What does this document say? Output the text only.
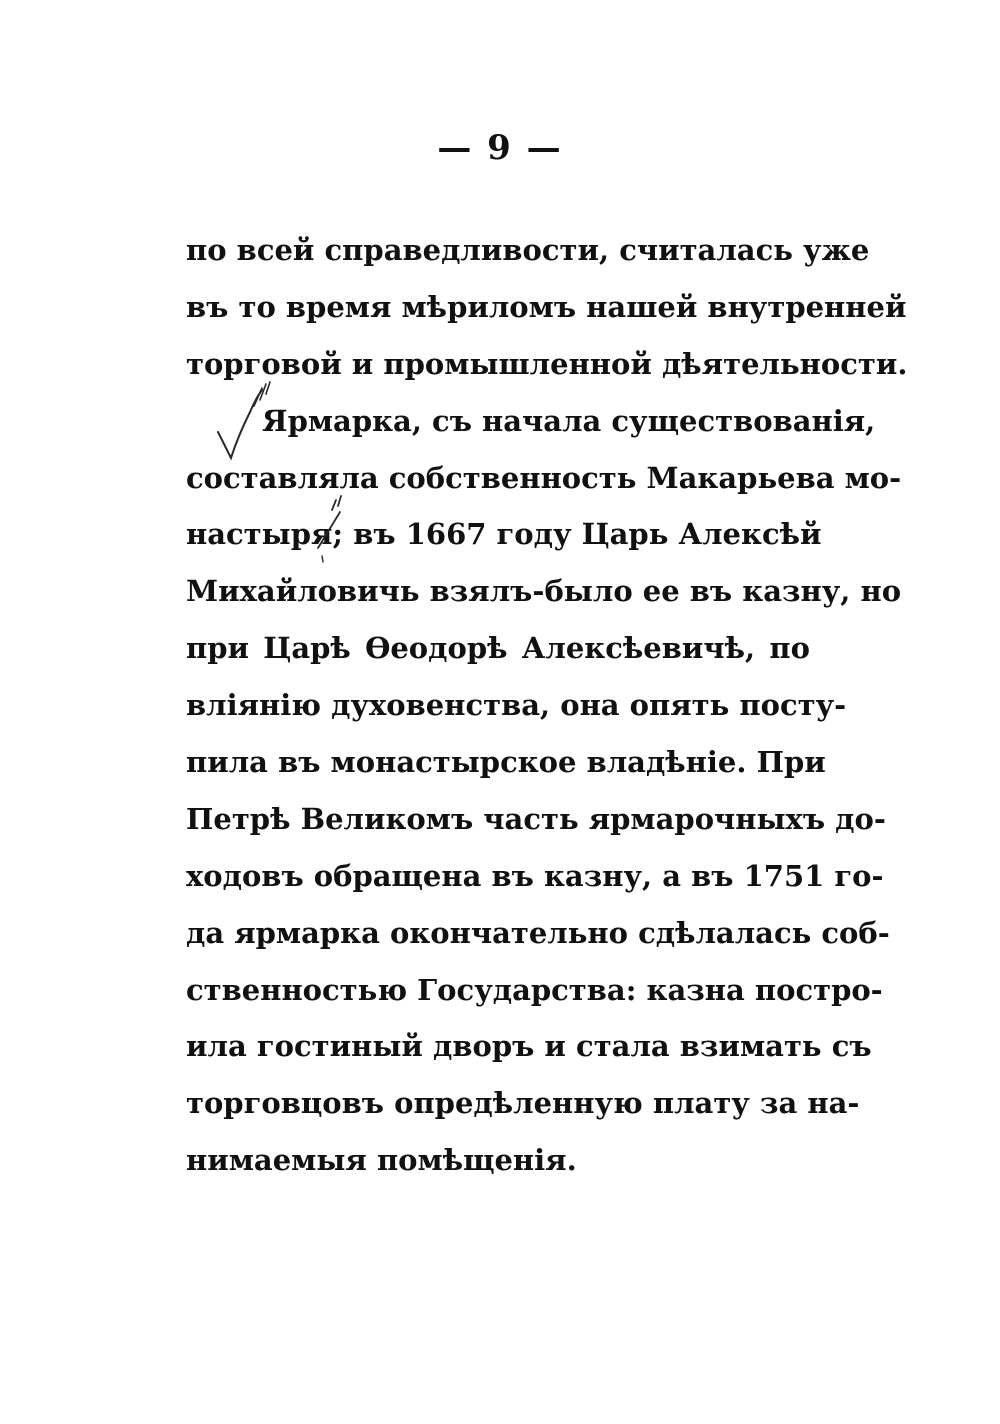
— 9 —
по всей справедливости, считалась уже
въ то время мѣриломъ нашей внутренней
торговой и промышленной дѣятельности.
Ярмарка, съ начала существованія,
составляла собственность Макарьева мо-
настыря; въ 1667 году Царь Алексѣй
Михайловичь взялъ-было ее въ казну, но
при Царѣ Ѳеодорѣ Алексѣевичѣ, по
вліянію духовенства, она опять посту-
пила въ монастырское владѣніе. При
Петрѣ Великомъ часть ярмарочныхъ до-
ходовъ обращена въ казну, а въ 1751 го-
да ярмарка окончательно сдѣлалась соб-
ственностью Государства: казна постро-
ила гостиный дворъ и стала взимать съ
торговцовъ опредѣленную плату за на-
нимаемыя помѣщенія.
